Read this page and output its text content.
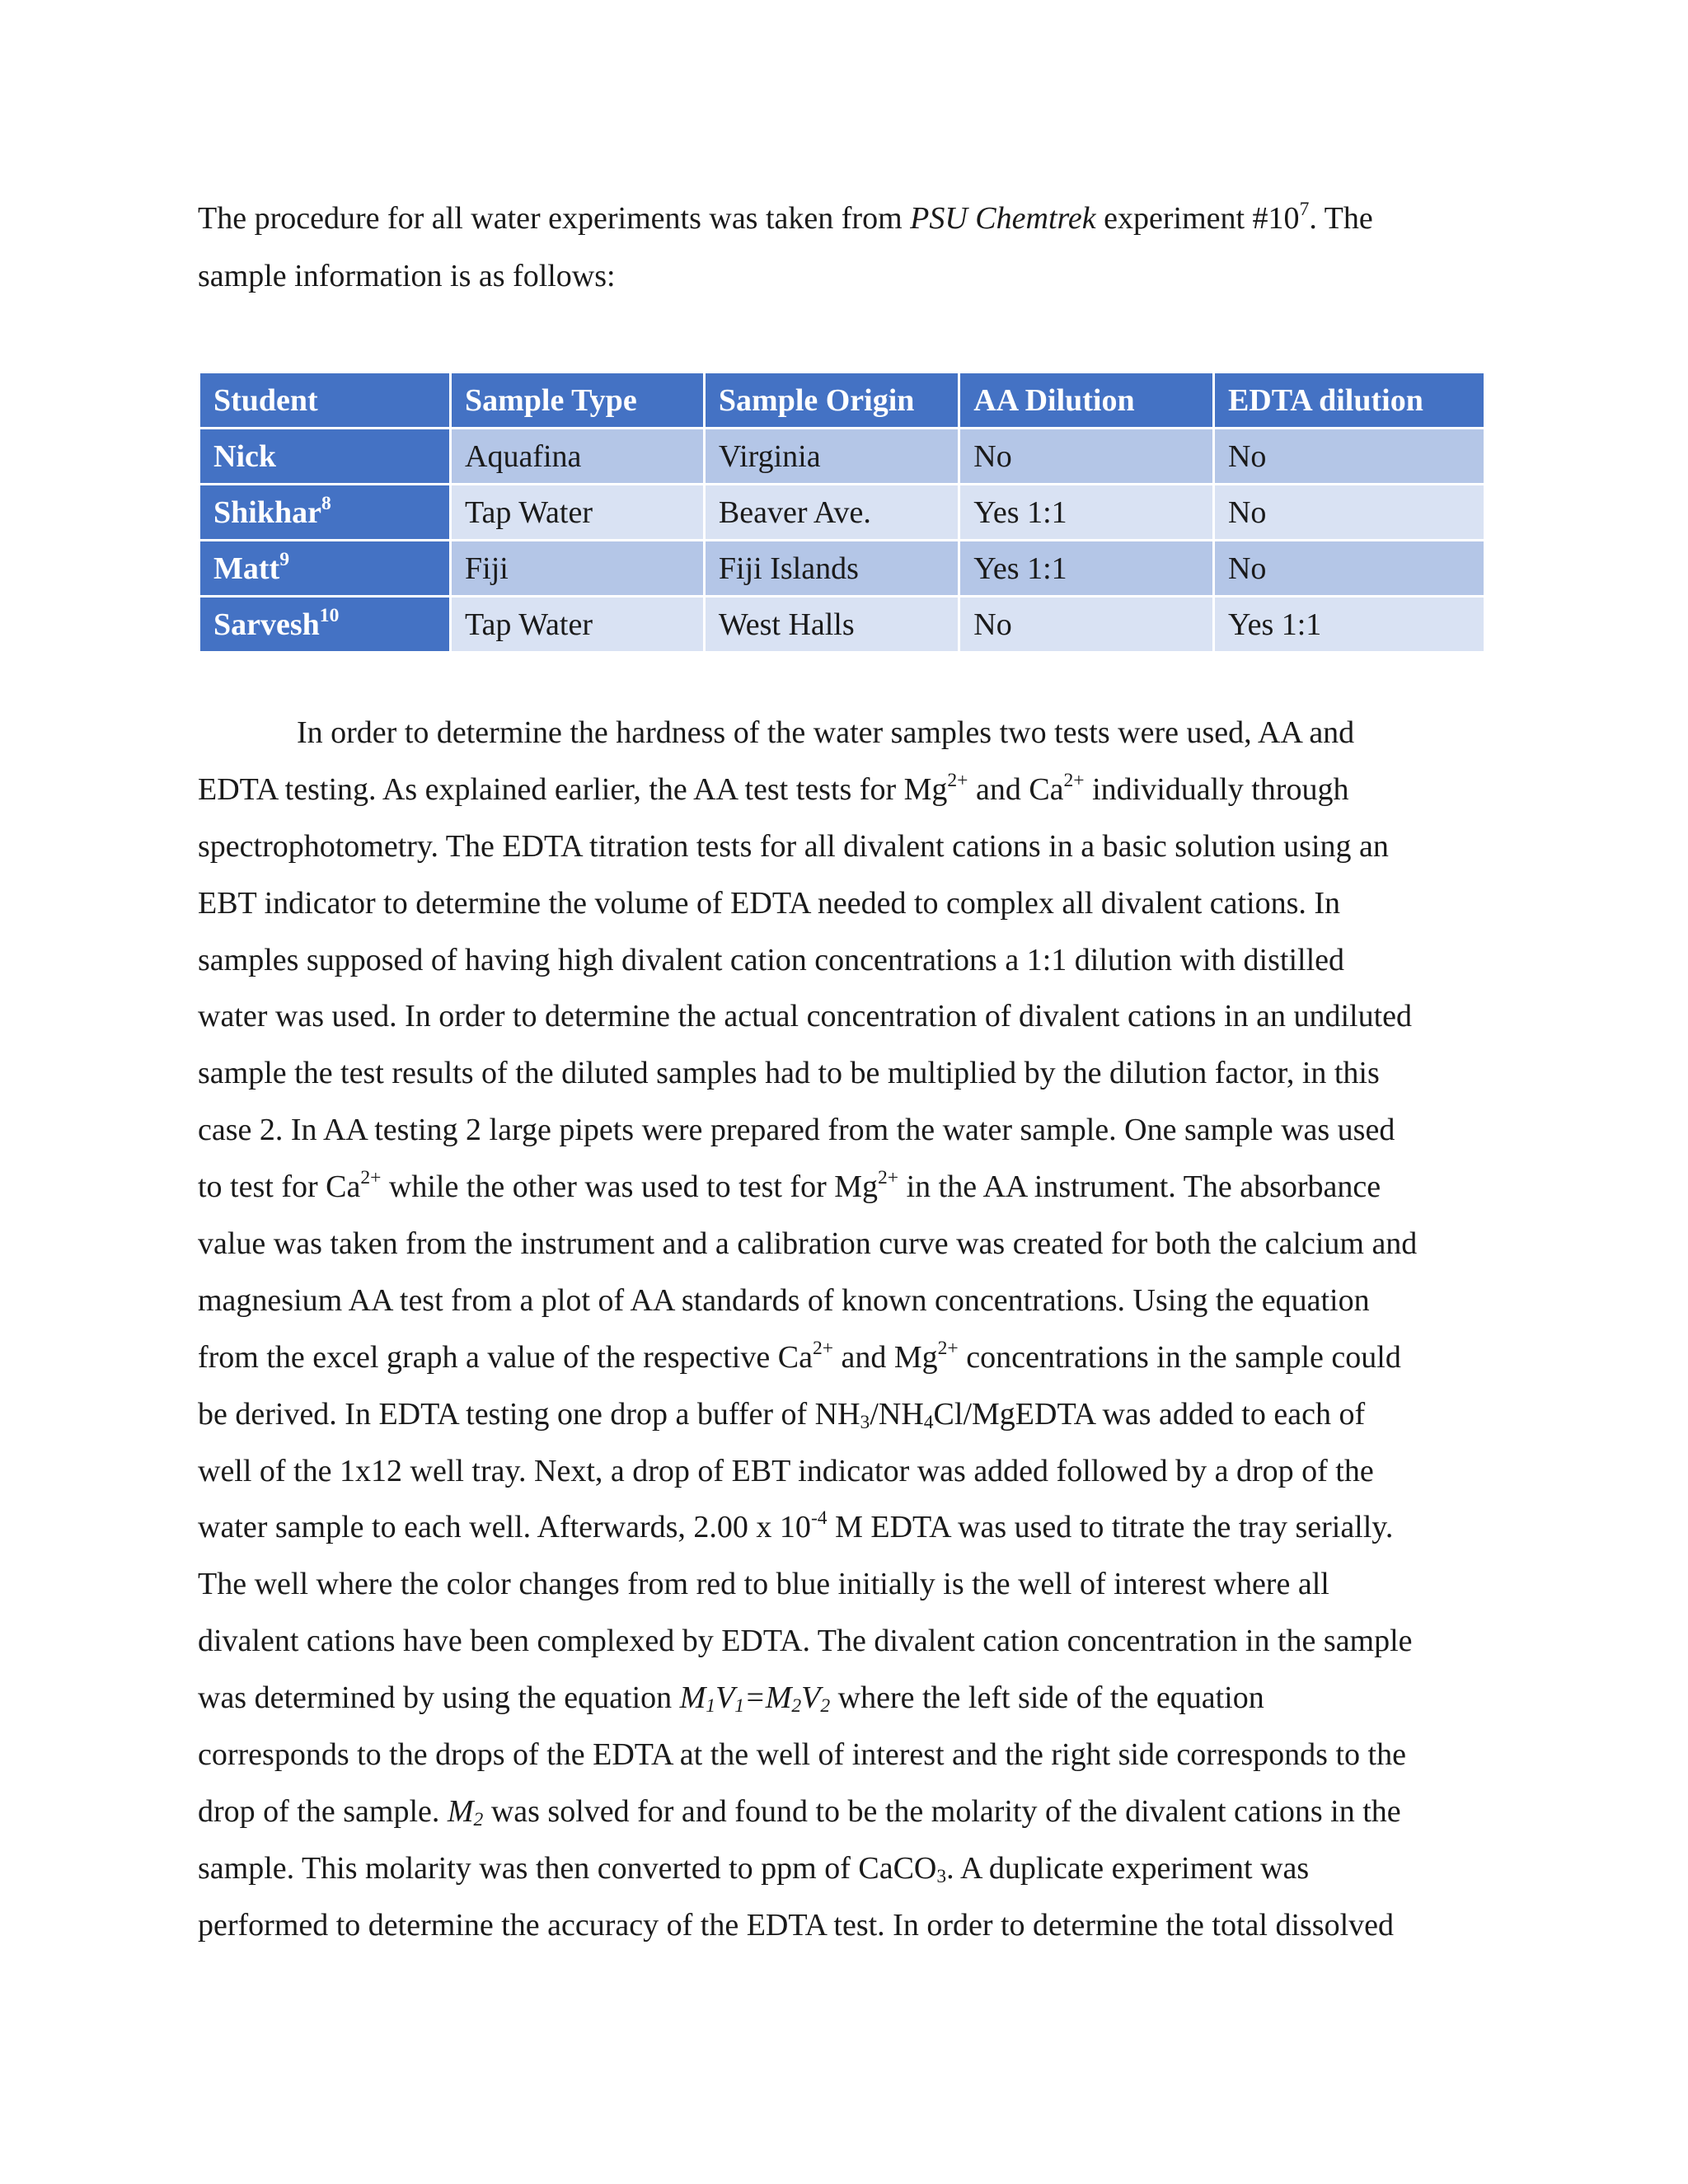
The procedure for all water experiments was taken from PSU Chemtrek experiment $\#10^7$. The
sample information is as follows:

Student	Sample Type	Sample Origin	AA Dilution	EDTA dilution
Nick	Aquafina	Virginia	No	No
Shikhar$^8$	Tap Water	Beaver Ave.	Yes 1:1	No
Matt$^9$	Fiji	Fiji Islands	Yes 1:1	No
Sarvesh$^{10}$	Tap Water	West Halls	No	Yes 1:1
In order to determine the hardness of the water samples two tests were used, AA and
EDTA testing. As explained earlier, the AA test tests for $Mg^{2+}$ and $Ca^{2+}$ individually through
spectrophotometry. The EDTA titration tests for all divalent cations in a basic solution using an
EBT indicator to determine the volume of EDTA needed to complex all divalent cations. In
samples supposed of having high divalent cation concentrations a 1:1 dilution with distilled
water was used. In order to determine the actual concentration of divalent cations in an undiluted
sample the test results of the diluted samples had to be multiplied by the dilution factor, in this
case 2. In AA testing 2 large pipets were prepared from the water sample. One sample was used
to test for $Ca^{2+}$ while the other was used to test for $Mg^{2+}$ in the AA instrument. The absorbance
value was taken from the instrument and a calibration curve was created for both the calcium and
magnesium AA test from a plot of AA standards of known concentrations. Using the equation
from the excel graph a value of the respective $Ca^{2+}$ and $Mg^{2+}$ concentrations in the sample could
be derived. In EDTA testing one drop a buffer of $NH_3/NH_4Cl$/MgEDTA was added to each of
well of the 1x12 well tray. Next, a drop of EBT indicator was added followed by a drop of the
water sample to each well. Afterwards, 2.00 x $10^{-4}$ M EDTA was used to titrate the tray serially.
The well where the color changes from red to blue initially is the well of interest where all
divalent cations have been complexed by EDTA. The divalent cation concentration in the sample
was determined by using the equation $M_1V_1=M_2V_2$ where the left side of the equation
corresponds to the drops of the EDTA at the well of interest and the right side corresponds to the
drop of the sample. $M_2$ was solved for and found to be the molarity of the divalent cations in the
sample. This molarity was then converted to ppm of CaCO$_3$. A duplicate experiment was
performed to determine the accuracy of the EDTA test. In order to determine the total dissolved
